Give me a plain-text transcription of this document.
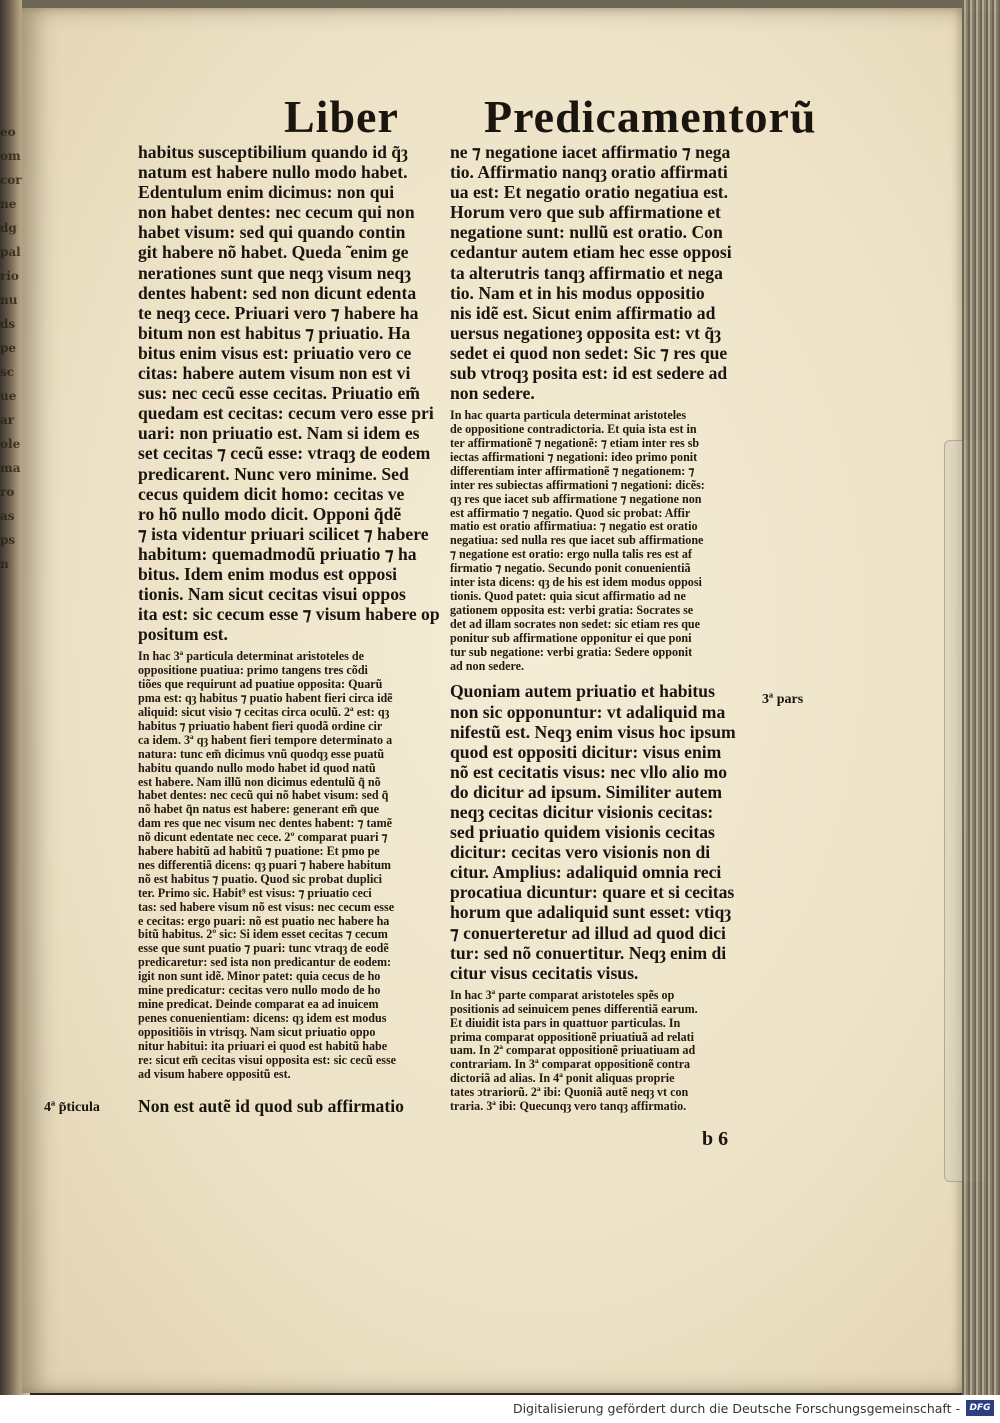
eoomcornedgpalrionudspescuearolemaroaspsn
Liber Predicamentorũ
habitus susceptibilium quando id q̃ȝ
natum est habere nullo modo habet.
Edentulum enim dicimus: non qui
non habet dentes: nec cecum qui non
habet visum: sed qui quando contin
git habere nõ habet. Queda ̃ enim ge
nerationes sunt que neqȝ visum neqȝ
dentes habent: sed non dicunt edenta
te neqȝ cece. Priuari vero ⁊ habere ha
bitum non est habitus ⁊ priuatio. Ha
bitus enim visus est: priuatio vero ce
citas: habere autem visum non est vi
sus: nec cecũ esse cecitas. Priuatio em̃
quedam est cecitas: cecum vero esse pri
uari: non priuatio est. Nam si idem es
set cecitas ⁊ cecũ esse: vtraqȝ de eodem
predicarent. Nunc vero minime. Sed
cecus quidem dicit homo: cecitas ve
ro hõ nullo modo dicit. Opponi q̃dẽ
⁊ ista videntur priuari scilicet ⁊ habere
habitum: quemadmodũ priuatio ⁊ ha
bitus. Idem enim modus est opposi
tionis. Nam sicut cecitas visui oppos
ita est: sic cecum esse ⁊ visum habere op
positum est.
In hac 3ª particula determinat aristoteles de
oppositione puatiua: primo tangens tres cõdi
tiões que requirunt ad puatiue opposita: Quarũ
pma est: qȝ habitus ⁊ puatio habent fieri circa idẽ
aliquid: sicut visio ⁊ cecitas circa oculũ. 2ª est: qȝ
habitus ⁊ priuatio habent fieri quodã ordine cir
ca idem. 3ª qȝ habent fieri tempore determinato a
natura: tunc em̃ dicimus vnũ quodqȝ esse puatũ
habitu quando nullo modo habet id quod natũ
est habere. Nam illũ non dicimus edentulũ q̃ nõ
habet dentes: nec cecũ qui nõ habet visum: sed q̃
nõ habet q̃n natus est habere: generant em̃ que
dam res que nec visum nec dentes habent: ⁊ tamẽ
nõ dicunt edentate nec cece. 2º comparat puari ⁊
habere habitũ ad habitũ ⁊ puatione: Et pmo pe
nes differentiã dicens: qȝ puari ⁊ habere habitum
nõ est habitus ⁊ puatio. Quod sic probat duplici
ter. Primo sic. Habit⁹ est visus: ⁊ priuatio ceci
tas: sed habere visum nõ est visus: nec cecum esse
e cecitas: ergo puari: nõ est puatio nec habere ha
bitũ habitus. 2º sic: Si idem esset cecitas ⁊ cecum
esse que sunt puatio ⁊ puari: tunc vtraqȝ de eodẽ
predicaretur: sed ista non predicantur de eodem:
igit non sunt idẽ. Minor patet: quia cecus de ho
mine predicatur: cecitas vero nullo modo de ho
mine predicat. Deinde comparat ea ad inuicem
penes conuenientiam: dicens: qȝ idem est modus
oppositiõis in vtrisqȝ. Nam sicut priuatio oppo
nitur habitui: ita priuari ei quod est habitũ habe
re: sicut em̃ cecitas visui opposita est: sic cecũ esse
ad visum habere oppositũ est.
4ª p̃ticula Non est autẽ id quod sub affirmatio
ne ⁊ negatione iacet affirmatio ⁊ nega
tio. Affirmatio nanqȝ oratio affirmati
ua est: Et negatio oratio negatiua est.
Horum vero que sub affirmatione et
negatione sunt: nullũ est oratio. Con
cedantur autem etiam hec esse opposi
ta alterutris tanqȝ affirmatio et nega
tio. Nam et in his modus oppositio
nis idẽ est. Sicut enim affirmatio ad
uersus negationeȝ opposita est: vt q̃ȝ
sedet ei quod non sedet: Sic ⁊ res que
sub vtroqȝ posita est: id est sedere ad
non sedere.
In hac quarta particula determinat aristoteles
de oppositione contradictoria. Et quia ista est in
ter affirmationẽ ⁊ negationẽ: ⁊ etiam inter res sb
iectas affirmationi ⁊ negationi: ideo primo ponit
differentiam inter affirmationẽ ⁊ negationem: ⁊
inter res subiectas affirmationi ⁊ negationi: dicẽs:
qȝ res que iacet sub affirmatione ⁊ negatione non
est affirmatio ⁊ negatio. Quod sic probat: Affir
matio est oratio affirmatiua: ⁊ negatio est oratio
negatiua: sed nulla res que iacet sub affirmatione
⁊ negatione est oratio: ergo nulla talis res est af
firmatio ⁊ negatio. Secundo ponit conuenientiã
inter ista dicens: qȝ de his est idem modus opposi
tionis. Quod patet: quia sicut affirmatio ad ne
gationem opposita est: verbi gratia: Socrates se
det ad illam socrates non sedet: sic etiam res que
ponitur sub affirmatione opponitur ei que poni
tur sub negatione: verbi gratia: Sedere opponit
ad non sedere.
Quoniam autem priuatio et habitus
non sic opponuntur: vt adaliquid ma
nifestũ est. Neqȝ enim visus hoc ipsum
quod est oppositi dicitur: visus enim
nõ est cecitatis visus: nec vllo alio mo
do dicitur ad ipsum. Similiter autem
neqȝ cecitas dicitur visionis cecitas:
sed priuatio quidem visionis cecitas
dicitur: cecitas vero visionis non di
citur. Amplius: adaliquid omnia reci
procatiua dicuntur: quare et si cecitas
horum que adaliquid sunt esset: vtiqȝ
⁊ conuerteretur ad illud ad quod dici
tur: sed nõ conuertitur. Neqȝ enim di
citur visus cecitatis visus.
In hac 3ª parte comparat aristoteles spẽs op
positionis ad seinuicem penes differentiã earum.
Et diuidit ista pars in quattuor particulas. In
prima comparat oppositionẽ priuatiuã ad relati
uam. In 2ª comparat oppositionẽ priuatiuam ad
contrariam. In 3ª comparat oppositionẽ contra
dictoriã ad alias. In 4ª ponit aliquas proprie
tates ↄtrariorũ. 2ª ibi: Quoniã autẽ neqȝ vt con
traria. 3ª ibi: Quecunqȝ vero tanqȝ affirmatio.
3ª pars
b 6
Digitalisierung gefördert durch die Deutsche Forschungsgemeinschaft -	DFG
